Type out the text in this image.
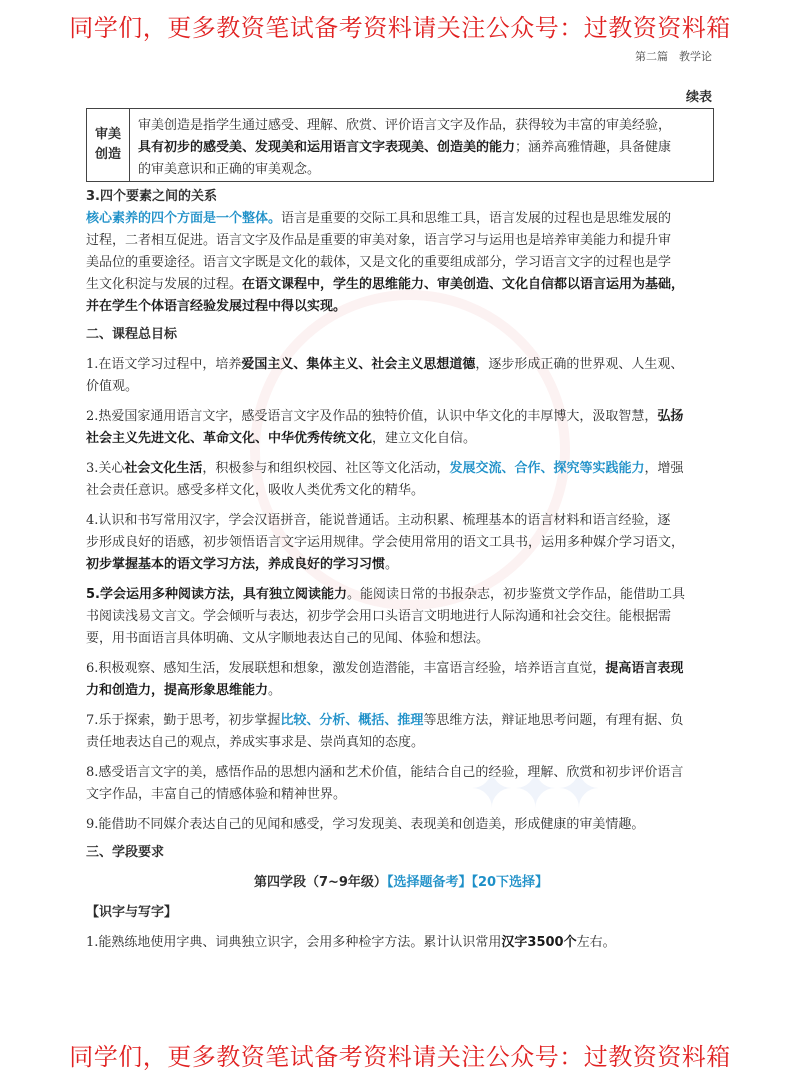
✦✦✦
同学们，更多教资笔试备考资料请关注公众号：过教资资料箱
第二篇　教学论
续表
审美
创造
审美创造是指学生通过感受、理解、欣赏、评价语言文字及作品，获得较为丰富的审美经验，
具有初步的感受美、发现美和运用语言文字表现美、创造美的能力；涵养高雅情趣，具备健康
的审美意识和正确的审美观念。
3.四个要素之间的关系
核心素养的四个方面是一个整体。语言是重要的交际工具和思维工具，语言发展的过程也是思维发展的
过程，二者相互促进。语言文字及作品是重要的审美对象，语言学习与运用也是培养审美能力和提升审
美品位的重要途径。语言文字既是文化的载体，又是文化的重要组成部分，学习语言文字的过程也是学
生文化积淀与发展的过程。在语文课程中，学生的思维能力、审美创造、文化自信都以语言运用为基础，
并在学生个体语言经验发展过程中得以实现。
二、课程总目标
1.在语文学习过程中，培养爱国主义、集体主义、社会主义思想道德，逐步形成正确的世界观、人生观、
价值观。
2.热爱国家通用语言文字，感受语言文字及作品的独特价值，认识中华文化的丰厚博大，汲取智慧，弘扬
社会主义先进文化、革命文化、中华优秀传统文化，建立文化自信。
3.关心社会文化生活，积极参与和组织校园、社区等文化活动，发展交流、合作、探究等实践能力，增强
社会责任意识。感受多样文化，吸收人类优秀文化的精华。
4.认识和书写常用汉字，学会汉语拼音，能说普通话。主动积累、梳理基本的语言材料和语言经验，逐
步形成良好的语感，初步领悟语言文字运用规律。学会使用常用的语文工具书，运用多种媒介学习语文，
初步掌握基本的语文学习方法，养成良好的学习习惯。
5.学会运用多种阅读方法，具有独立阅读能力。能阅读日常的书报杂志，初步鉴赏文学作品，能借助工具
书阅读浅易文言文。学会倾听与表达，初步学会用口头语言文明地进行人际沟通和社会交往。能根据需
要，用书面语言具体明确、文从字顺地表达自己的见闻、体验和想法。
6.积极观察、感知生活，发展联想和想象，激发创造潜能，丰富语言经验，培养语言直觉，提高语言表现
力和创造力，提高形象思维能力。
7.乐于探索，勤于思考，初步掌握比较、分析、概括、推理等思维方法，辩证地思考问题，有理有据、负
责任地表达自己的观点，养成实事求是、崇尚真知的态度。
8.感受语言文字的美，感悟作品的思想内涵和艺术价值，能结合自己的经验，理解、欣赏和初步评价语言
文字作品，丰富自己的情感体验和精神世界。
9.能借助不同媒介表达自己的见闻和感受，学习发现美、表现美和创造美，形成健康的审美情趣。
三、学段要求
第四学段（7~9年级）【选择题备考】【20下选择】
【识字与写字】
1.能熟练地使用字典、词典独立识字，会用多种检字方法。累计认识常用汉字3500个左右。
同学们，更多教资笔试备考资料请关注公众号：过教资资料箱
